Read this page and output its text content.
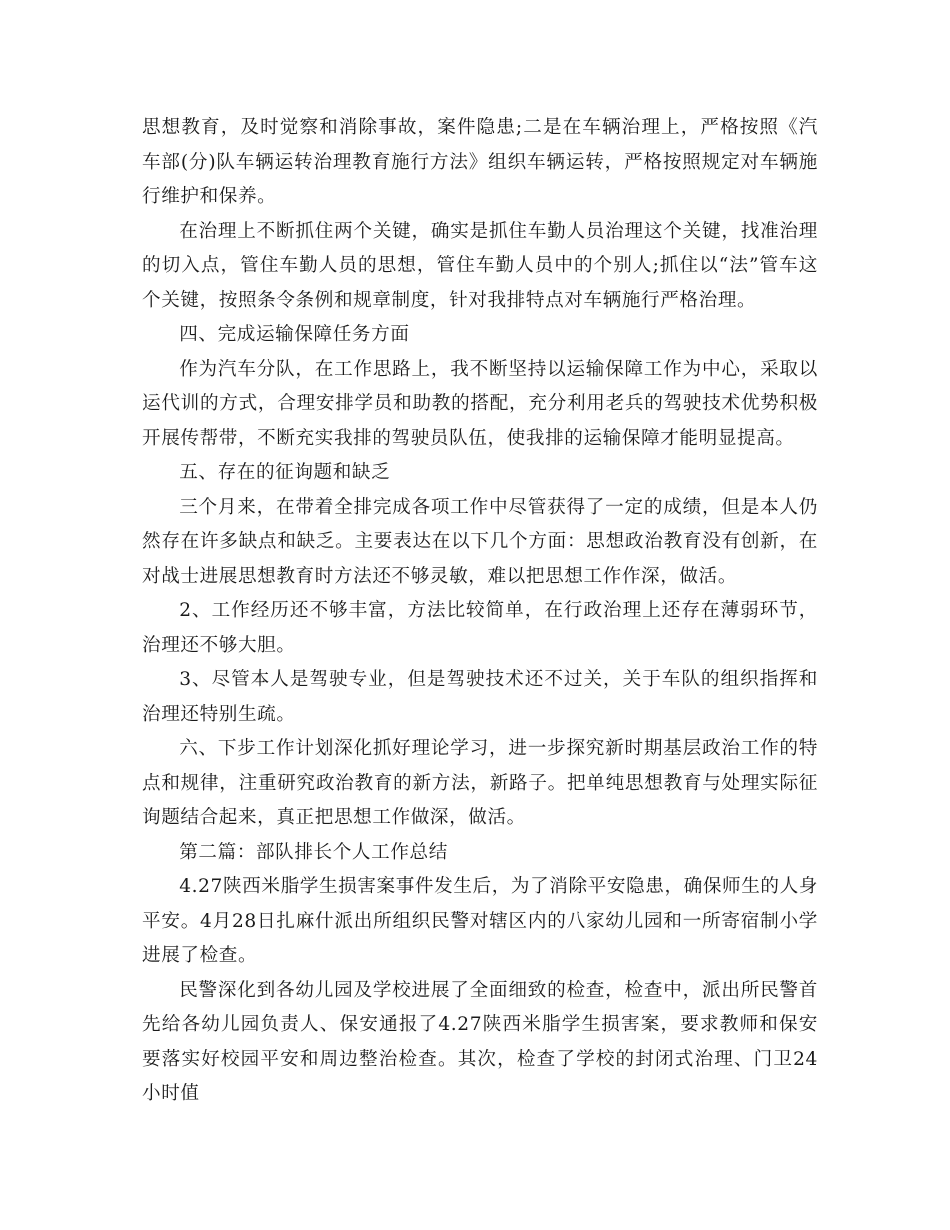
思想教育，及时觉察和消除事故，案件隐患;二是在车辆治理上，严格按照《汽车部(分)队车辆运转治理教育施行方法》组织车辆运转，严格按照规定对车辆施行维护和保养。

在治理上不断抓住两个关键，确实是抓住车勤人员治理这个关键，找准治理的切入点，管住车勤人员的思想，管住车勤人员中的个别人;抓住以“法”管车这个关键，按照条令条例和规章制度，针对我排特点对车辆施行严格治理。

四、完成运输保障任务方面

作为汽车分队，在工作思路上，我不断坚持以运输保障工作为中心，采取以运代训的方式，合理安排学员和助教的搭配，充分利用老兵的驾驶技术优势积极开展传帮带，不断充实我排的驾驶员队伍，使我排的运输保障才能明显提高。

五、存在的征询题和缺乏

三个月来，在带着全排完成各项工作中尽管获得了一定的成绩，但是本人仍然存在许多缺点和缺乏。主要表达在以下几个方面：思想政治教育没有创新，在对战士进展思想教育时方法还不够灵敏，难以把思想工作作深，做活。

2、工作经历还不够丰富，方法比较简单，在行政治理上还存在薄弱环节，治理还不够大胆。

3、尽管本人是驾驶专业，但是驾驶技术还不过关，关于车队的组织指挥和治理还特别生疏。

六、下步工作计划深化抓好理论学习，进一步探究新时期基层政治工作的特点和规律，注重研究政治教育的新方法，新路子。把单纯思想教育与处理实际征询题结合起来，真正把思想工作做深，做活。

第二篇：部队排长个人工作总结

4.27陕西米脂学生损害案事件发生后，为了消除平安隐患，确保师生的人身平安。4月28日扎麻什派出所组织民警对辖区内的八家幼儿园和一所寄宿制小学进展了检查。

民警深化到各幼儿园及学校进展了全面细致的检查，检查中，派出所民警首先给各幼儿园负责人、保安通报了4.27陕西米脂学生损害案，要求教师和保安要落实好校园平安和周边整治检查。其次，检查了学校的封闭式治理、门卫24小时值
